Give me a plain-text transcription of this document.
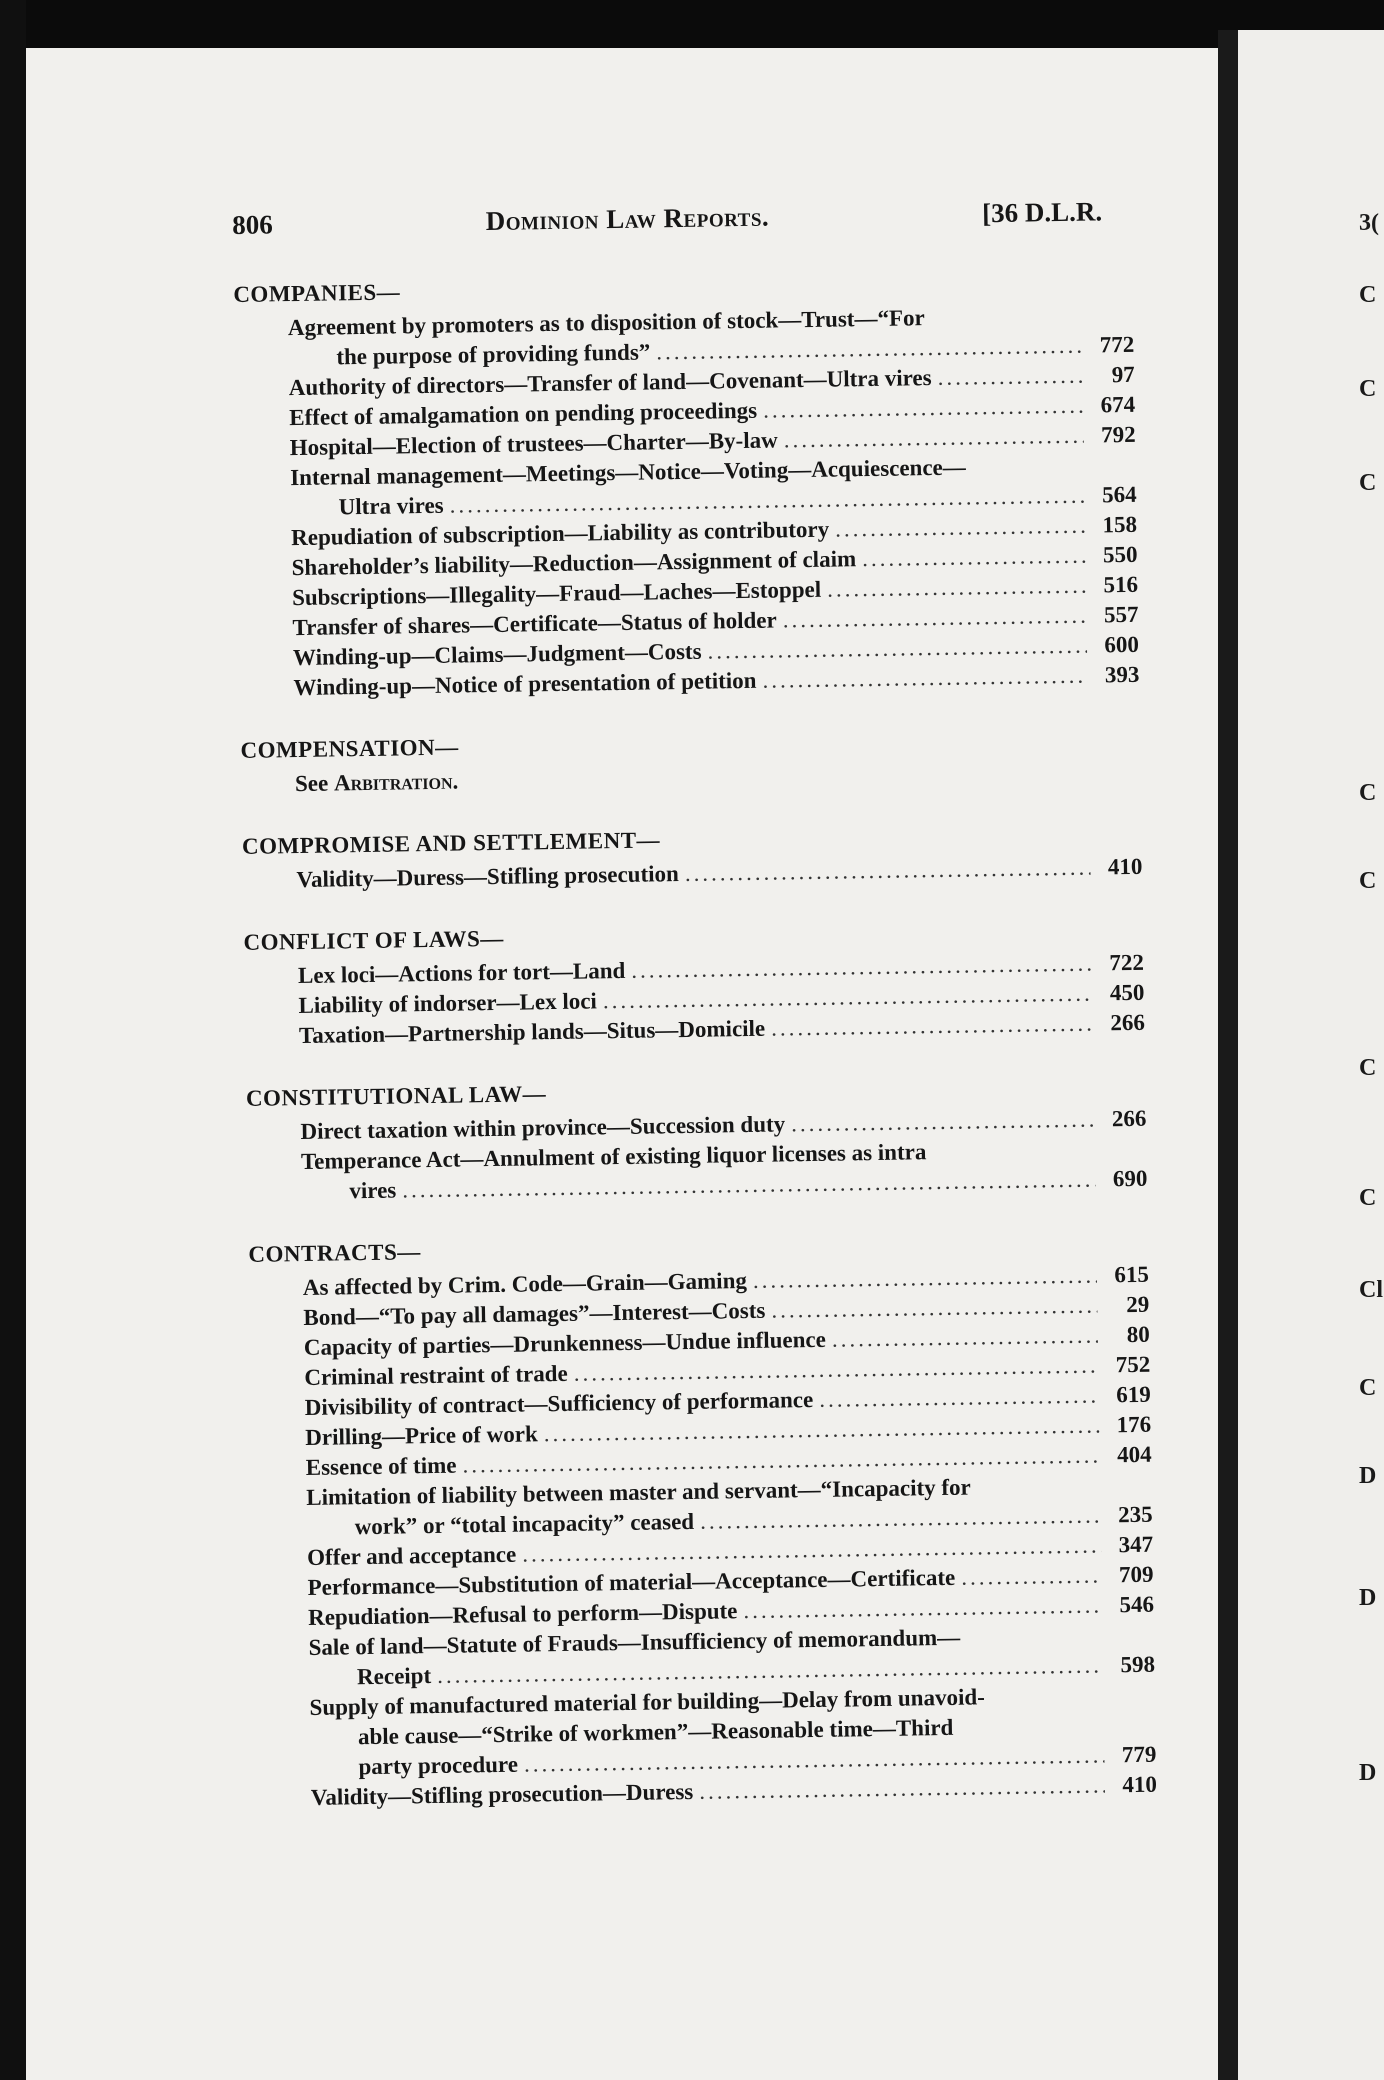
3(
C
C
C
C
C
C
C
Cl
C
D
D
D
806	Dominion Law Reports.	[36 D.L.R.
COMPANIES—
Agreement by promoters as to disposition of stock—Trust—“For
the purpose of providing funds” .....	772
Authority of directors—Transfer of land—Covenant—Ultra vires .....	97
Effect of amalgamation on pending proceedings .....	674
Hospital—Election of trustees—Charter—By-law .....	792
Internal management—Meetings—Notice—Voting—Acquiescence—
Ultra vires .....	564
Repudiation of subscription—Liability as contributory .....	158
Shareholder’s liability—Reduction—Assignment of claim .....	550
Subscriptions—Illegality—Fraud—Laches—Estoppel .....	516
Transfer of shares—Certificate—Status of holder .....	557
Winding-up—Claims—Judgment—Costs .....	600
Winding-up—Notice of presentation of petition .....	393
COMPENSATION—
See Arbitration.
COMPROMISE AND SETTLEMENT—
Validity—Duress—Stifling prosecution .....	410
CONFLICT OF LAWS—
Lex loci—Actions for tort—Land .....	722
Liability of indorser—Lex loci .....	450
Taxation—Partnership lands—Situs—Domicile .....	266
CONSTITUTIONAL LAW—
Direct taxation within province—Succession duty .....	266
Temperance Act—Annulment of existing liquor licenses as intra
vires .....	690
CONTRACTS—
As affected by Crim. Code—Grain—Gaming .....	615
Bond—“To pay all damages”—Interest—Costs .....	29
Capacity of parties—Drunkenness—Undue influence .....	80
Criminal restraint of trade .....	752
Divisibility of contract—Sufficiency of performance .....	619
Drilling—Price of work .....	176
Essence of time .....	404
Limitation of liability between master and servant—“Incapacity for
work” or “total incapacity” ceased .....	235
Offer and acceptance .....	347
Performance—Substitution of material—Acceptance—Certificate .....	709
Repudiation—Refusal to perform—Dispute .....	546
Sale of land—Statute of Frauds—Insufficiency of memorandum—
Receipt .....	598
Supply of manufactured material for building—Delay from unavoid-
able cause—“Strike of workmen”—Reasonable time—Third
party procedure .....	779
Validity—Stifling prosecution—Duress .....	410
